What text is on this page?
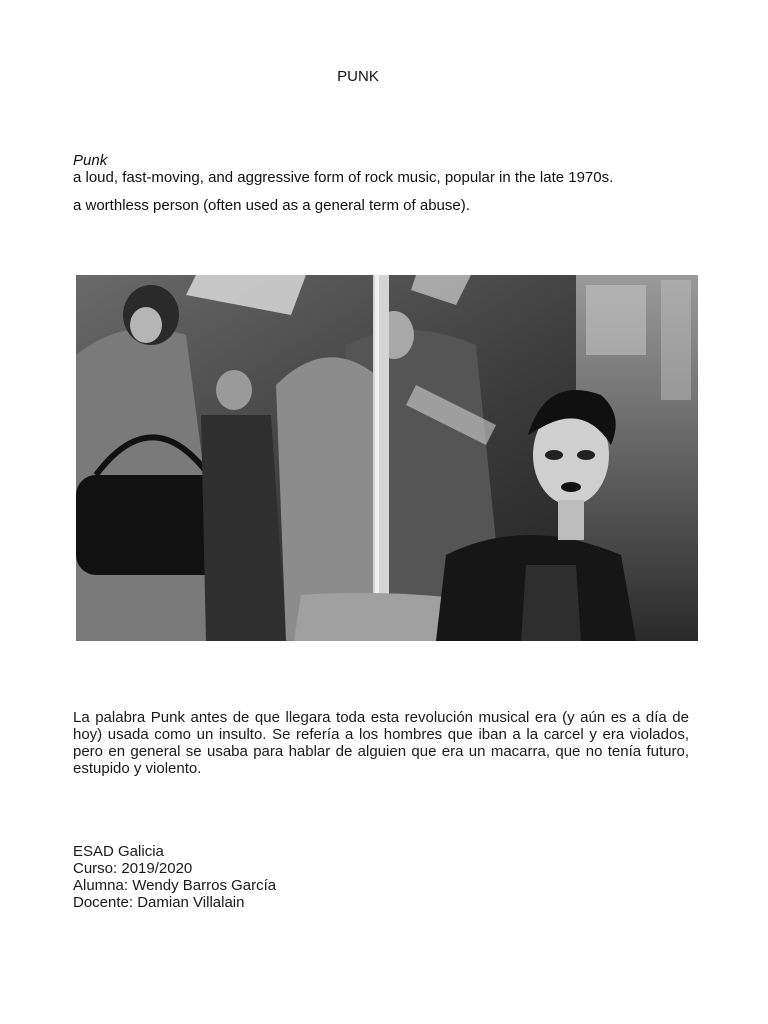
PUNK
Punk
a loud, fast-moving, and aggressive form of rock music, popular in the late 1970s.
a worthless person (often used as a general term of abuse).
La palabra Punk antes de que llegara toda esta revolución musical era (y aún es a día de hoy) usada como un insulto. Se refería a los hombres que iban a la carcel y era violados, pero en general se usaba para hablar de alguien que era un macarra, que no tenía futuro, estupido y violento.
ESAD Galicia
Curso: 2019/2020
Alumna: Wendy Barros García
Docente: Damian Villalain
